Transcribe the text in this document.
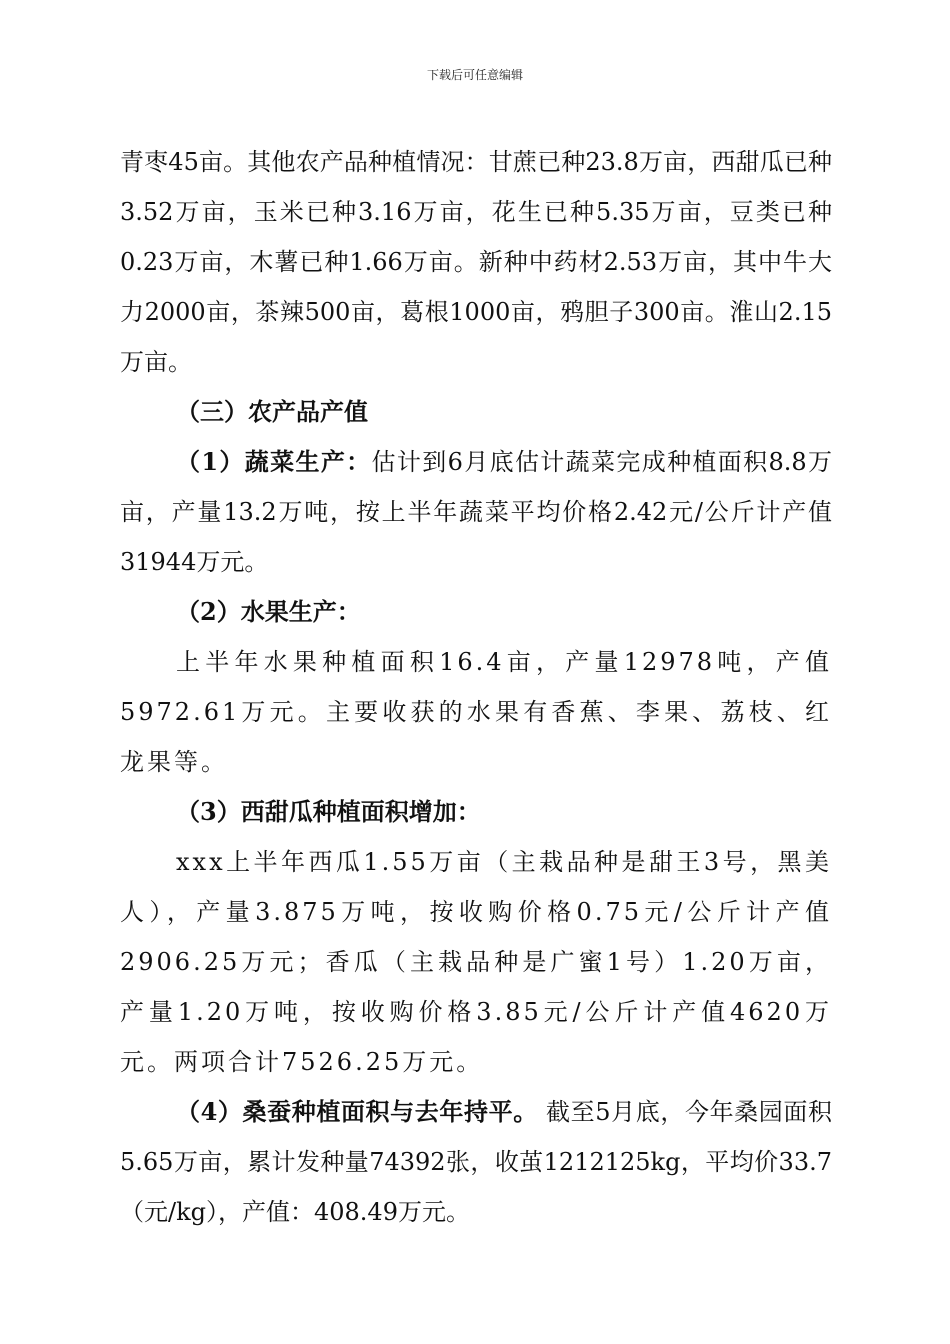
下载后可任意编辑

青枣45亩。其他农产品种植情况：甘蔗已种23.8万亩，西甜瓜已种3.52万亩，玉米已种3.16万亩，花生已种5.35万亩，豆类已种0.23万亩，木薯已种1.66万亩。新种中药材2.53万亩，其中牛大力2000亩，茶辣500亩，葛根1000亩，鸦胆子300亩。淮山2.15万亩。

（三）农产品产值

（1）蔬菜生产：估计到6月底估计蔬菜完成种植面积8.8万亩，产量13.2万吨，按上半年蔬菜平均价格2.42元/公斤计产值31944万元。

（2）水果生产：

上半年水果种植面积16.4亩，产量12978吨，产值5972.61万元。主要收获的水果有香蕉、李果、荔枝、红龙果等。

（3）西甜瓜种植面积增加：

xxx上半年西瓜1.55万亩（主栽品种是甜王3号，黑美人），产量3.875万吨，按收购价格0.75元/公斤计产值2906.25万元；香瓜（主栽品种是广蜜1号）1.20万亩，产量1.20万吨，按收购价格3.85元/公斤计产值4620万元。两项合计7526.25万元。

（4）桑蚕种植面积与去年持平。 截至5月底，今年桑园面积5.65万亩，累计发种量74392张，收茧1212125kg，平均价33.7（元/kg），产值：408.49万元。
